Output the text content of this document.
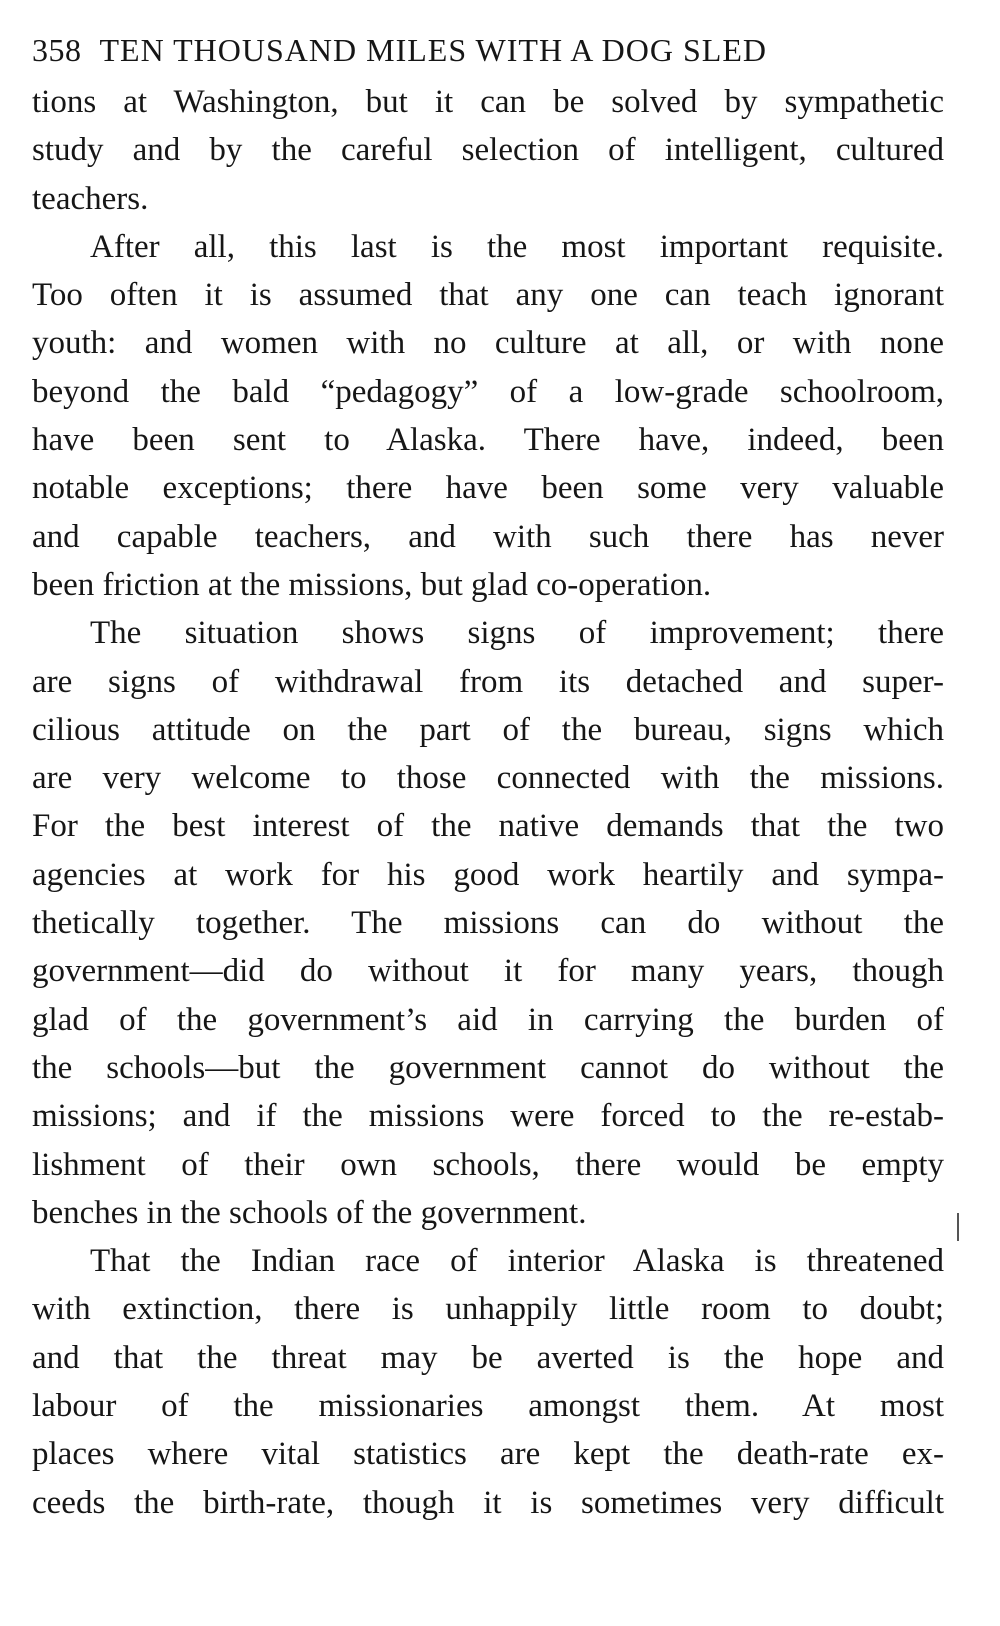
358 TEN THOUSAND MILES WITH A DOG SLED
tions at Washington, but it can be solved by sympathetic
study and by the careful selection of intelligent, cultured
teachers.
After all, this last is the most important requisite.
Too often it is assumed that any one can teach ignorant
youth: and women with no culture at all, or with none
beyond the bald “pedagogy” of a low-grade schoolroom,
have been sent to Alaska. There have, indeed, been
notable exceptions; there have been some very valuable
and capable teachers, and with such there has never
been friction at the missions, but glad co-operation.
The situation shows signs of improvement; there
are signs of withdrawal from its detached and super-
cilious attitude on the part of the bureau, signs which
are very welcome to those connected with the missions.
For the best interest of the native demands that the two
agencies at work for his good work heartily and sympa-
thetically together. The missions can do without the
government—did do without it for many years, though
glad of the government’s aid in carrying the burden of
the schools—but the government cannot do without the
missions; and if the missions were forced to the re-estab-
lishment of their own schools, there would be empty
benches in the schools of the government.
That the Indian race of interior Alaska is threatened
with extinction, there is unhappily little room to doubt;
and that the threat may be averted is the hope and
labour of the missionaries amongst them. At most
places where vital statistics are kept the death-rate ex-
ceeds the birth-rate, though it is sometimes very difficult
